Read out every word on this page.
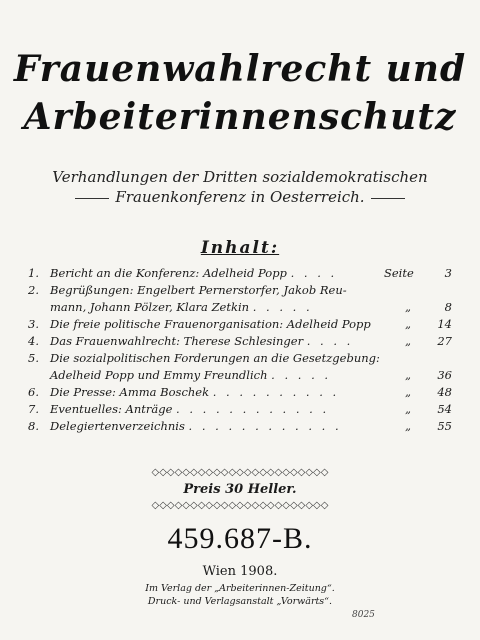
Frauenwahlrecht und
Arbeiterinnenschutz
Verhandlungen der Dritten sozialdemokratischen
Frauenkonferenz in Oesterreich.
Inhalt:
1. Bericht an die Konferenz: Adelheid Popp . . . .	Seite	3
2. Begrüßungen: Engelbert Pernerstorfer, Jakob Reu-
mann, Johann Pölzer, Klara Zetkin . . . . .	„	8
3. Die freie politische Frauenorganisation: Adelheid Popp	„	14
4. Das Frauenwahlrecht: Therese Schlesinger . . . .	„	27
5. Die sozialpolitischen Forderungen an die Gesetzgebung:
Adelheid Popp und Emmy Freundlich . . . . .	„	36
6. Die Presse: Amma Boschek . . . . . . . . . .	„	48
7. Eventuelles: Anträge . . . . . . . . . . . .	„	54
8. Delegiertenverzeichnis . . . . . . . . . . . .	„	55
◇◇◇◇◇◇◇◇◇◇◇◇◇◇◇◇◇◇◇◇◇◇◇
Preis 30 Heller.
◇◇◇◇◇◇◇◇◇◇◇◇◇◇◇◇◇◇◇◇◇◇◇
459.687-B.
Wien 1908.
Im Verlag der „Arbeiterinnen-Zeitung“.
Druck- und Verlagsanstalt „Vorwärts“.
8025
